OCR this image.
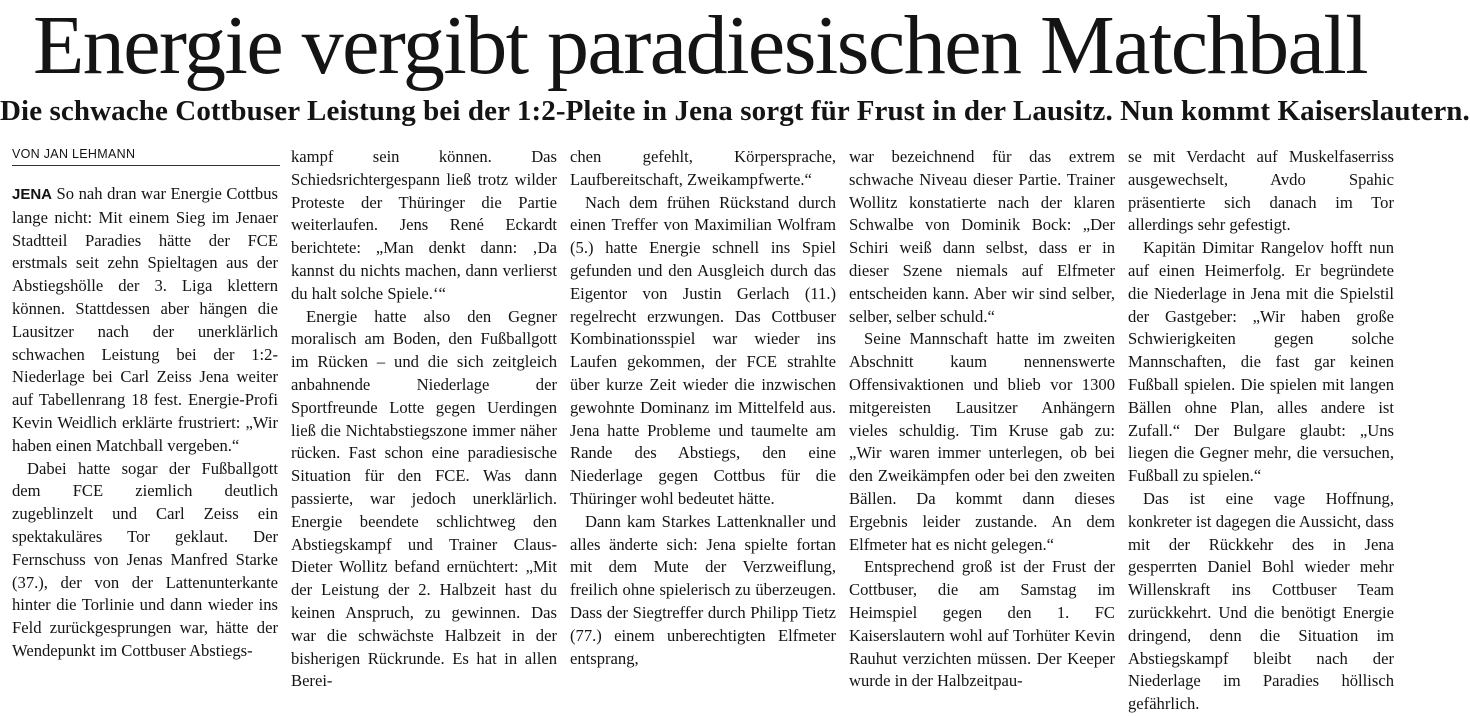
Energie vergibt paradiesischen Matchball
Die schwache Cottbuser Leistung bei der 1:2-Pleite in Jena sorgt für Frust in der Lausitz. Nun kommt Kaiserslautern.
VON JAN LEHMANN

JENA So nah dran war Energie Cottbus lange nicht: Mit einem Sieg im Jenaer Stadtteil Paradies hätte der FCE erstmals seit zehn Spieltagen aus der Abstiegshölle der 3. Liga klettern können. Stattdessen aber hängen die Lausitzer nach der unerklärlich schwachen Leistung bei der 1:2-Niederlage bei Carl Zeiss Jena weiter auf Tabellenrang 18 fest. Energie-Profi Kevin Weidlich erklärte frustriert: „Wir haben einen Matchball vergeben.“

Dabei hatte sogar der Fußballgott dem FCE ziemlich deutlich zugeblinzelt und Carl Zeiss ein spektakuläres Tor geklaut. Der Fernschuss von Jenas Manfred Starke (37.), der von der Lattenunterkante hinter die Torlinie und dann wieder ins Feld zurückgesprungen war, hätte der Wendepunkt im Cottbuser Abstiegs-

kampf sein können. Das Schiedsrichtergespann ließ trotz wilder Proteste der Thüringer die Partie weiterlaufen. Jens René Eckardt berichtete: „Man denkt dann: ‚Da kannst du nichts machen, dann verlierst du halt solche Spiele.‘“

Energie hatte also den Gegner moralisch am Boden, den Fußballgott im Rücken – und die sich zeitgleich anbahnende Niederlage der Sportfreunde Lotte gegen Uerdingen ließ die Nichtabstiegszone immer näher rücken. Fast schon eine paradiesische Situation für den FCE. Was dann passierte, war jedoch unerklärlich. Energie beendete schlichtweg den Abstiegskampf und Trainer Claus-Dieter Wollitz befand ernüchtert: „Mit der Leistung der 2. Halbzeit hast du keinen Anspruch, zu gewinnen. Das war die schwächste Halbzeit in der bisherigen Rückrunde. Es hat in allen Berei-

chen gefehlt, Körpersprache, Laufbereitschaft, Zweikampfwerte.“

Nach dem frühen Rückstand durch einen Treffer von Maximilian Wolfram (5.) hatte Energie schnell ins Spiel gefunden und den Ausgleich durch das Eigentor von Justin Gerlach (11.) regelrecht erzwungen. Das Cottbuser Kombinationsspiel war wieder ins Laufen gekommen, der FCE strahlte über kurze Zeit wieder die inzwischen gewohnte Dominanz im Mittelfeld aus. Jena hatte Probleme und taumelte am Rande des Abstiegs, den eine Niederlage gegen Cottbus für die Thüringer wohl bedeutet hätte.

Dann kam Starkes Lattenknaller und alles änderte sich: Jena spielte fortan mit dem Mute der Verzweiflung, freilich ohne spielerisch zu überzeugen. Dass der Siegtreffer durch Philipp Tietz (77.) einem unberechtigten Elfmeter entsprang,

war bezeichnend für das extrem schwache Niveau dieser Partie. Trainer Wollitz konstatierte nach der klaren Schwalbe von Dominik Bock: „Der Schiri weiß dann selbst, dass er in dieser Szene niemals auf Elfmeter entscheiden kann. Aber wir sind selber, selber, selber schuld.“

Seine Mannschaft hatte im zweiten Abschnitt kaum nennenswerte Offensivaktionen und blieb vor 1300 mitgereisten Lausitzer Anhängern vieles schuldig. Tim Kruse gab zu: „Wir waren immer unterlegen, ob bei den Zweikämpfen oder bei den zweiten Bällen. Da kommt dann dieses Ergebnis leider zustande. An dem Elfmeter hat es nicht gelegen.“

Entsprechend groß ist der Frust der Cottbuser, die am Samstag im Heimspiel gegen den 1. FC Kaiserslautern wohl auf Torhüter Kevin Rauhut verzichten müssen. Der Keeper wurde in der Halbzeitpau-

se mit Verdacht auf Muskelfaserriss ausgewechselt, Avdo Spahic präsentierte sich danach im Tor allerdings sehr gefestigt.

Kapitän Dimitar Rangelov hofft nun auf einen Heimerfolg. Er begründete die Niederlage in Jena mit die Spielstil der Gastgeber: „Wir haben große Schwierigkeiten gegen solche Mannschaften, die fast gar keinen Fußball spielen. Die spielen mit langen Bällen ohne Plan, alles andere ist Zufall.“ Der Bulgare glaubt: „Uns liegen die Gegner mehr, die versuchen, Fußball zu spielen.“

Das ist eine vage Hoffnung, konkreter ist dagegen die Aussicht, dass mit der Rückkehr des in Jena gesperrten Daniel Bohl wieder mehr Willenskraft ins Cottbuser Team zurückkehrt. Und die benötigt Energie dringend, denn die Situation im Abstiegskampf bleibt nach der Niederlage im Paradies höllisch gefährlich.
